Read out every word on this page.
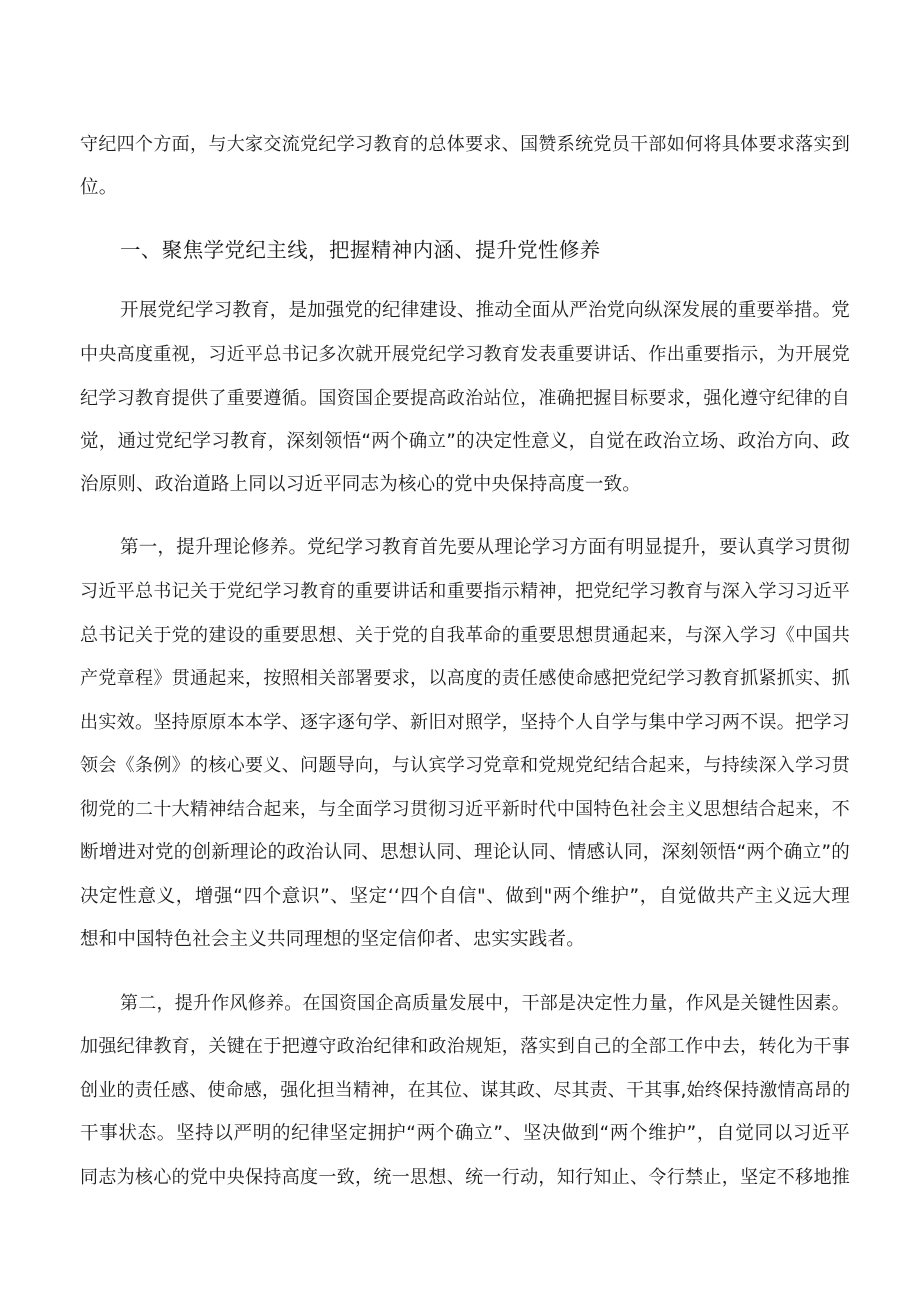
守纪四个方面，与大家交流党纪学习教育的总体要求、国赞系统党员干部如何将具体要求落实到
位。
一、聚焦学党纪主线，把握精神内涵、提升党性修养
开展党纪学习教育，是加强党的纪律建设、推动全面从严治党向纵深发展的重要举措。党
中央高度重视，习近平总书记多次就开展党纪学习教育发表重要讲话、作出重要指示，为开展党
纪学习教育提供了重要遵循。国资国企要提高政治站位，准确把握目标要求，强化遵守纪律的自
觉，通过党纪学习教育，深刻领悟“两个确立”的决定性意义，自觉在政治立场、政治方向、政
治原则、政治道路上同以习近平同志为核心的党中央保持高度一致。
第一，提升理论修养。党纪学习教育首先要从理论学习方面有明显提升，要认真学习贯彻
习近平总书记关于党纪学习教育的重要讲话和重要指示精神，把党纪学习教育与深入学习习近平
总书记关于党的建设的重要思想、关于党的自我革命的重要思想贯通起来，与深入学习《中国共
产党章程》贯通起来，按照相关部署要求，以高度的责任感使命感把党纪学习教育抓紧抓实、抓
出实效。坚持原原本本学、逐字逐句学、新旧对照学，坚持个人自学与集中学习两不误。把学习
领会《条例》的核心要义、问题导向，与认宾学习党章和党规党纪结合起来，与持续深入学习贯
彻党的二十大精神结合起来，与全面学习贯彻习近平新时代中国特色社会主义思想结合起来，不
断增进对党的创新理论的政治认同、思想认同、理论认同、情感认同，深刻领悟“两个确立”的
决定性意义，增强“四个意识”、坚定‘‘四个自信"、做到"两个维护”，自觉做共产主义远大理
想和中国特色社会主义共同理想的坚定信仰者、忠实实践者。
第二，提升作风修养。在国资国企高质量发展中，干部是决定性力量，作风是关键性因素。
加强纪律教育，关键在于把遵守政治纪律和政治规矩，落实到自己的全部工作中去，转化为干事
创业的责任感、使命感，强化担当精神，在其位、谋其政、尽其责、干其事,始终保持激情高昂的
干事状态。坚持以严明的纪律坚定拥护“两个确立”、坚决做到“两个维护”，自觉同以习近平
同志为核心的党中央保持高度一致，统一思想、统一行动，知行知止、令行禁止，坚定不移地推
